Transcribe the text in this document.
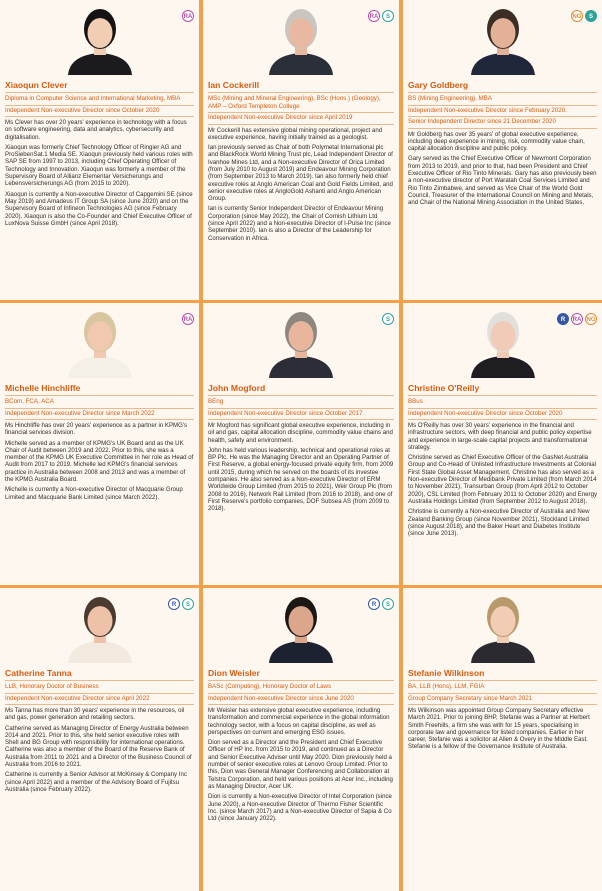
RA
Xiaoqun Clever

Diploma in Computer Science and International Marketing, MBA

Independent Non-executive Director since October 2020

Ms Clever has over 20 years' experience in technology with a focus on software engineering, data and analytics, cybersecurity and digitalisation.

Xiaoqun was formerly Chief Technology Officer of Ringier AG and ProSiebenSat.1 Media SE. Xiaoqun previously held various roles with SAP SE from 1997 to 2013, including Chief Operating Officer of Technology and Innovation. Xiaoqun was formerly a member of the Supervisory Board of Allianz Elementar Versicherungs and Lebensversicherungs AG (from 2015 to 2020).

Xiaoqun is currently a Non-executive Director of Capgemini SE (since May 2019) and Amadeus IT Group SA (since June 2020) and on the Supervisory Board of Infineon Technologies AG (since February 2020). Xiaoqun is also the Co-Founder and Chief Executive Officer of LuxNova Suisse GmbH (since April 2018).

RA	S
Ian Cockerill

MSc (Mining and Mineral Engineering), BSc (Hons.) (Geology), AMP – Oxford Templeton College

Independent Non-executive Director since April 2019

Mr Cockerill has extensive global mining operational, project and executive experience, having initially trained as a geologist.

Ian previously served as Chair of both Polymetal International plc and BlackRock World Mining Trust plc, Lead Independent Director of Ivanhoe Mines Ltd, and a Non-executive Director of Orica Limited (from July 2010 to August 2019) and Endeavour Mining Corporation (from September 2013 to March 2019). Ian also formerly held chief executive roles at Anglo American Coal and Gold Fields Limited, and senior executive roles at AngloGold Ashanti and Anglo American Group.

Ian is currently Senior Independent Director of Endeavour Mining Corporation (since May 2022), the Chair of Cornish Lithium Ltd (since April 2022) and a Non-executive Director of I-Pulse Inc (since September 2010). Ian is also a Director of the Leadership for Conservation in Africa.

NG	S
Gary Goldberg

BS (Mining Engineering), MBA

Independent Non-executive Director since February 2020.

Senior Independent Director since 21 December 2020

Mr Goldberg has over 35 years' of global executive experience, including deep experience in mining, risk, commodity value chain, capital allocation discipline and public policy.

Gary served as the Chief Executive Officer of Newmont Corporation from 2013 to 2019, and prior to that, had been President and Chief Executive Officer of Rio Tinto Minerals. Gary has also previously been a non-executive director of Port Waratah Coal Services Limited and Rio Tinto Zimbabwe, and served as Vice Chair of the World Gold Council, Treasurer of the International Council on Mining and Metals, and Chair of the National Mining Association in the United States.

RA
Michelle Hinchliffe

BCom, FCA, ACA

Independent Non-executive Director since March 2022

Ms Hinchliffe has over 20 years' experience as a partner in KPMG's financial services division.

Michelle served as a member of KPMG's UK Board and as the UK Chair of Audit between 2019 and 2022. Prior to this, she was a member of the KPMG UK Executive Committee in her role as Head of Audit from 2017 to 2019. Michelle led KPMG's financial services practice in Australia between 2008 and 2013 and was a member of the KPMG Australia Board.

Michelle is currently a Non-executive Director of Macquarie Group Limited and Macquarie Bank Limited (since March 2022).

S
John Mogford

BEng

Independent Non-executive Director since October 2017

Mr Mogford has significant global executive experience, including in oil and gas, capital allocation discipline, commodity value chains and health, safety and environment.

John has held various leadership, technical and operational roles at BP Plc. He was the Managing Director and an Operating Partner of First Reserve, a global energy-focused private equity firm, from 2009 until 2015, during which he served on the boards of its investee companies. He also served as a Non-executive Director of ERM Worldwide Group Limited (from 2015 to 2021), Weir Group Plc (from 2008 to 2016), Network Rail Limited (from 2016 to 2018), and one of First Reserve's portfolio companies, DOF Subsea AS (from 2009 to 2018).

R	RA NG
Christine O'Reilly

BBus

Independent Non-executive Director since October 2020

Ms O'Reilly has over 30 years' experience in the financial and infrastructure sectors, with deep financial and public policy expertise and experience in large-scale capital projects and transformational strategy.

Christine served as Chief Executive Officer of the GasNet Australia Group and Co-Head of Unlisted Infrastructure Investments at Colonial First State Global Asset Management. Christine has also served as a Non-executive Director of Medibank Private Limited (from March 2014 to November 2021), Transurban Group (from April 2012 to October 2020), CSL Limited (from February 2011 to October 2020) and Energy Australia Holdings Limited (from September 2012 to August 2018).

Christine is currently a Non-executive Director of Australia and New Zealand Banking Group (since November 2021), Stockland Limited (since August 2018), and the Baker Heart and Diabetes Institute (since June 2013).

R	S
Catherine Tanna

LLB, Honorary Doctor of Business

Independent Non-executive Director since April 2022

Ms Tanna has more than 30 years' experience in the resources, oil and gas, power generation and retailing sectors.

Catherine served as Managing Director of Energy Australia between 2014 and 2021. Prior to this, she held senior executive roles with Shell and BG Group with responsibility for international operations. Catherine was also a member of the Board of the Reserve Bank of Australia from 2011 to 2021 and a Director of the Business Council of Australia from 2016 to 2021.

Catherine is currently a Senior Advisor at McKinsey & Company Inc (since April 2022) and a member of the Advisory Board of Fujitsu Australia (since February 2022).

R	S
Dion Weisler

BASc (Computing), Honorary Doctor of Laws

Independent Non-executive Director since June 2020

Mr Weisler has extensive global executive experience, including transformation and commercial experience in the global information technology sector, with a focus on capital discipline, as well as perspectives on current and emerging ESG issues.

Dion served as a Director and the President and Chief Executive Officer of HP Inc. from 2015 to 2019, and continued as a Director and Senior Executive Adviser until May 2020. Dion previously held a number of senior executive roles at Lenovo Group Limited. Prior to this, Dion was General Manager Conferencing and Collaboration at Telstra Corporation, and held various positions at Acer Inc., including as Managing Director, Acer UK.

Dion is currently a Non-executive Director of Intel Corporation (since June 2020), a Non-executive Director of Thermo Fisher Scientific Inc. (since March 2017) and a Non-executive Director of Sapia & Co Ltd (since January 2022).

Stefanie Wilkinson

BA, LLB (Hons), LLM, FGIA

Group Company Secretary since March 2021

Ms Wilkinson was appointed Group Company Secretary effective March 2021. Prior to joining BHP, Stefanie was a Partner at Herbert Smith Freehills, a firm she was with for 15 years, specialising in corporate law and governance for listed companies. Earlier in her career, Stefanie was a solicitor at Allen & Overy in the Middle East. Stefanie is a fellow of the Governance Institute of Australia.
